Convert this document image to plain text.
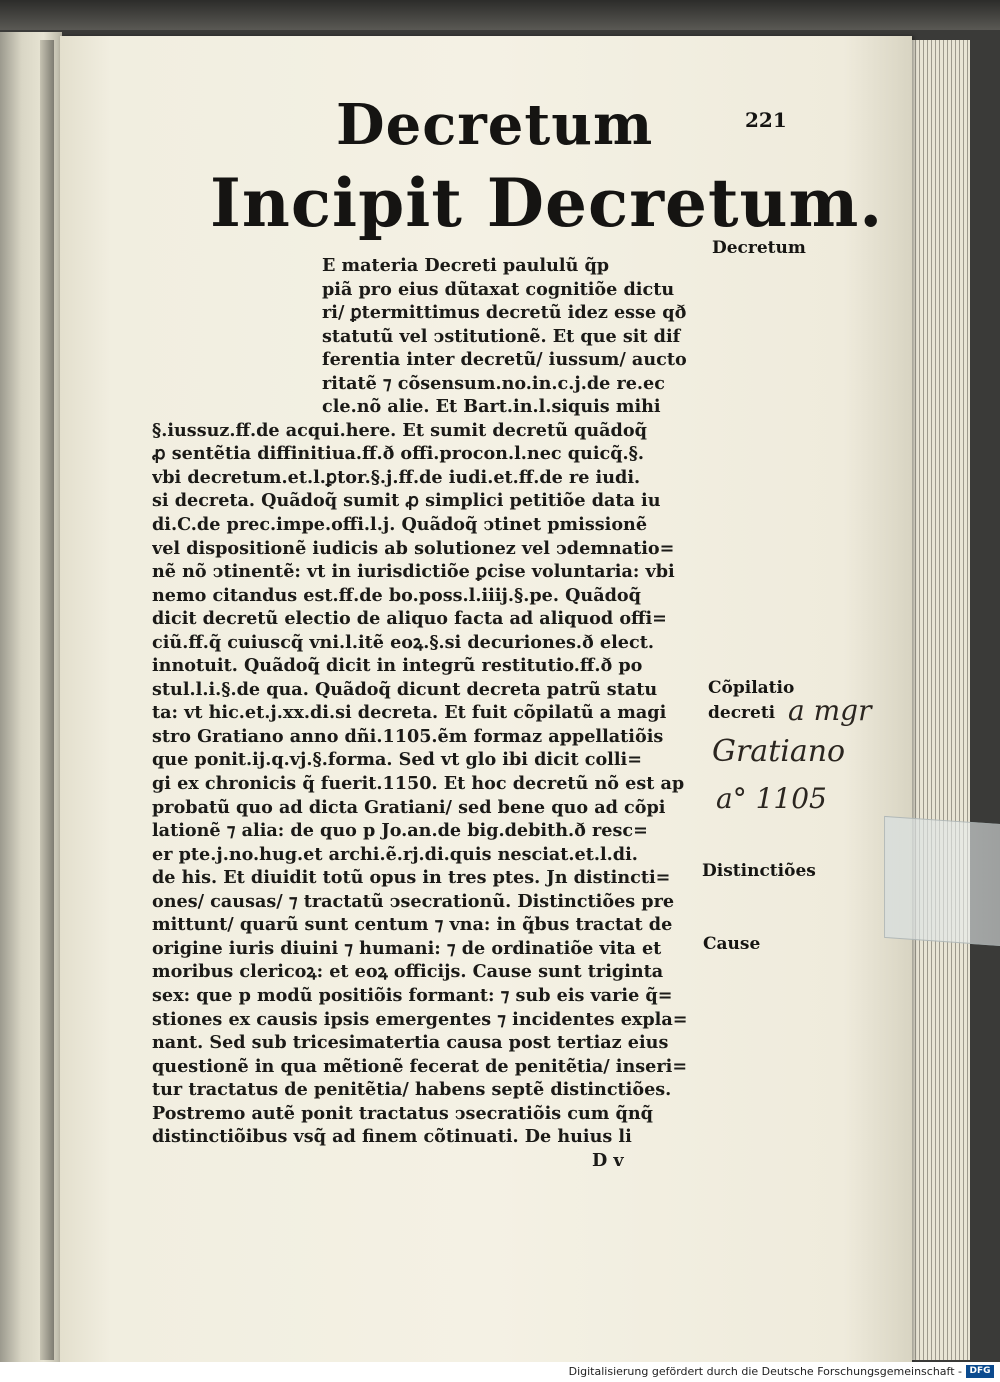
Decretum	221
Incipit Decretum.
E materia Decreti paululũ q̃p
piã pro eius dũtaxat cognitiõe dictu
ri/ ꝑtermittimus decretũ idez esse qð
statutũ vel ↄstitutionẽ. Et que sit dif
ferentia inter decretũ/ iussum/ aucto
ritatẽ ⁊ cõsensum.no.in.c.j.de re.ec
cle.nõ alie. Et Bart.in.l.siquis mihi
§.iussuz.ff.de acqui.here. Et sumit decretũ quãdoq̃
ꝓ sentẽtia diffinitiua.ff.ð offi.procon.l.nec quicq̃.§.
vbi decretum.et.l.ꝑtor.§.j.ff.de iudi.et.ff.de re iudi.
si decreta. Quãdoq̃ sumit ꝓ simplici petitiõe data iu
di.C.de prec.impe.offi.l.j. Quãdoq̃ ↄtinet pmissionẽ
vel dispositionẽ iudicis ab solutionez vel ↄdemnatio=
nẽ nõ ↄtinentẽ: vt in iurisdictiõe ꝑcise voluntaria: vbi
nemo citandus est.ff.de bo.poss.l.iiij.§.pe. Quãdoq̃
dicit decretũ electio de aliquo facta ad aliquod offi=
ciũ.ff.q̃ cuiuscq̃ vni.l.itẽ eoꝝ.§.si decuriones.ð elect.
innotuit. Quãdoq̃ dicit in integrũ restitutio.ff.ð po
stul.l.i.§.de qua. Quãdoq̃ dicunt decreta patrũ statu
ta: vt hic.et.j.xx.di.si decreta. Et fuit cõpilatũ a magi
stro Gratiano anno dñi.1105.ẽm formaz appellatiõis
que ponit.ij.q.vj.§.forma. Sed vt glo ibi dicit colli=
gi ex chronicis q̃ fuerit.1150. Et hoc decretũ nõ est ap
probatũ quo ad dicta Gratiani/ sed bene quo ad cõpi
lationẽ ⁊ alia: de quo p Jo.an.de big.debith.ð resc=
er pte.j.no.hug.et archi.ẽ.rj.di.quis nesciat.et.l.di.
de his. Et diuidit totũ opus in tres ptes. Jn distincti=
ones/ causas/ ⁊ tractatũ ↄsecrationũ. Distinctiões pre
mittunt/ quarũ sunt centum ⁊ vna: in q̃bus tractat de
origine iuris diuini ⁊ humani: ⁊ de ordinatiõe vita et
moribus clericoꝝ: et eoꝝ officijs. Cause sunt triginta
sex: que p modũ positiõis formant: ⁊ sub eis varie q̃=
stiones ex causis ipsis emergentes ⁊ incidentes expla=
nant. Sed sub tricesimatertia causa post tertiaz eius
questionẽ in qua mẽtionẽ fecerat de penitẽtia/ inseri=
tur tractatus de penitẽtia/ habens septẽ distinctiões.
Postremo autẽ ponit tractatus ↄsecratiõis cum q̃nq̃
distinctiõibus vsq̃ ad finem cõtinuati. De huius li
D v
Decretum
Cõpilatio
decreti
Distinctiões
Cause
a mgr
Gratiano
a° 1105
Digitalisierung gefördert durch die Deutsche Forschungsgemeinschaft - DFG
